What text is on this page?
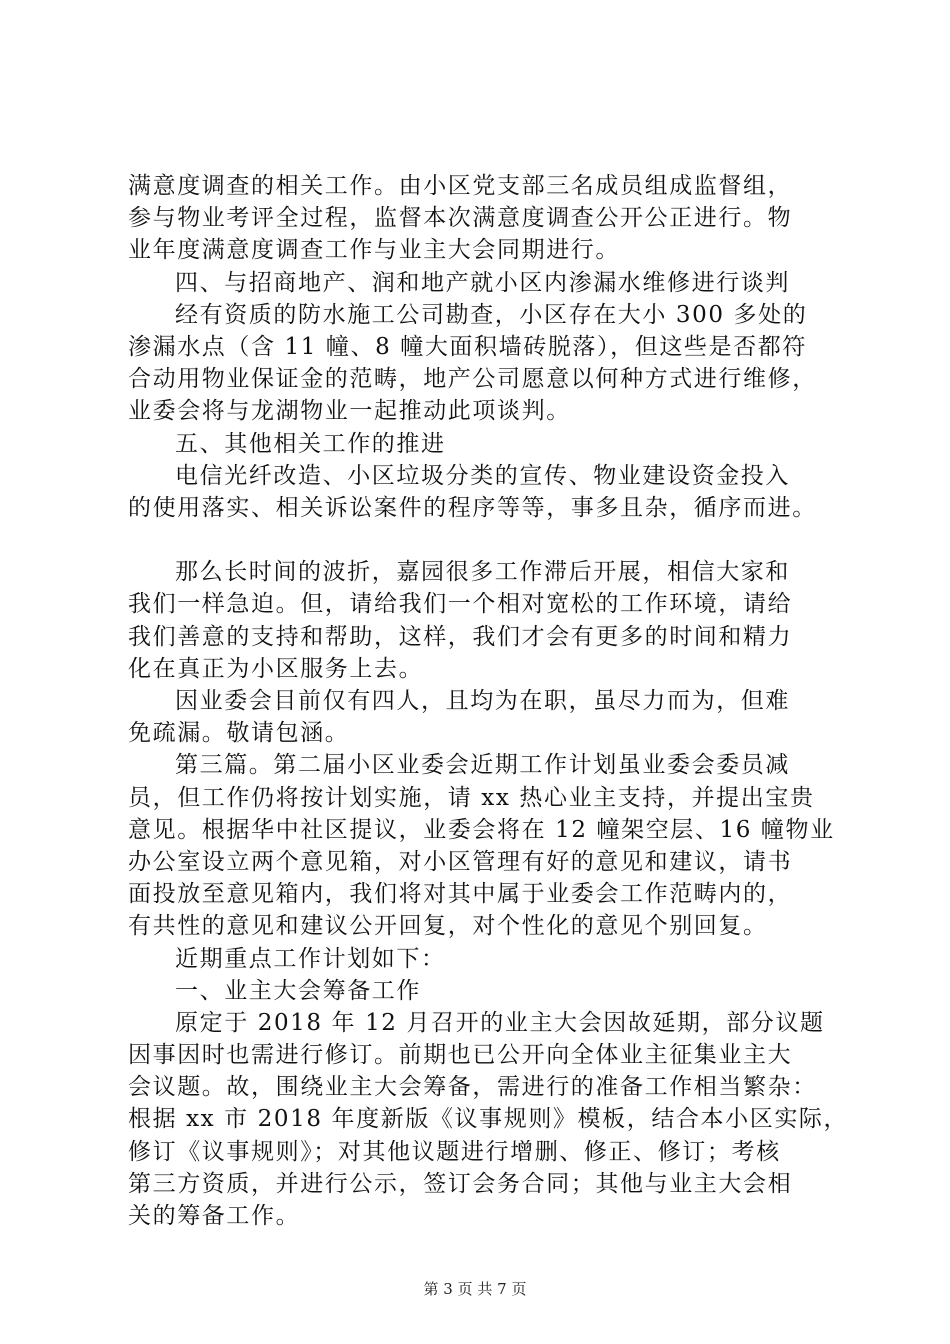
满意度调查的相关工作。由小区党支部三名成员组成监督组，
参与物业考评全过程，监督本次满意度调查公开公正进行。物
业年度满意度调查工作与业主大会同期进行。
四、与招商地产、润和地产就小区内渗漏水维修进行谈判
经有资质的防水施工公司勘查，小区存在大小 300 多处的
渗漏水点（含 11 幢、8 幢大面积墙砖脱落），但这些是否都符
合动用物业保证金的范畴，地产公司愿意以何种方式进行维修，
业委会将与龙湖物业一起推动此项谈判。
五、其他相关工作的推进
电信光纤改造、小区垃圾分类的宣传、物业建设资金投入
的使用落实、相关诉讼案件的程序等等，事多且杂，循序而进。
那么长时间的波折，嘉园很多工作滞后开展，相信大家和
我们一样急迫。但，请给我们一个相对宽松的工作环境，请给
我们善意的支持和帮助，这样，我们才会有更多的时间和精力
化在真正为小区服务上去。
因业委会目前仅有四人，且均为在职，虽尽力而为，但难
免疏漏。敬请包涵。
第三篇。第二届小区业委会近期工作计划虽业委会委员减
员，但工作仍将按计划实施，请 xx 热心业主支持，并提出宝贵
意见。根据华中社区提议，业委会将在 12 幢架空层、16 幢物业
办公室设立两个意见箱，对小区管理有好的意见和建议，请书
面投放至意见箱内，我们将对其中属于业委会工作范畴内的，
有共性的意见和建议公开回复，对个性化的意见个别回复。
近期重点工作计划如下：
一、业主大会筹备工作
原定于 2018 年 12 月召开的业主大会因故延期，部分议题
因事因时也需进行修订。前期也已公开向全体业主征集业主大
会议题。故，围绕业主大会筹备，需进行的准备工作相当繁杂：
根据 xx 市 2018 年度新版《议事规则》模板，结合本小区实际，
修订《议事规则》；对其他议题进行增删、修正、修订；考核
第三方资质，并进行公示，签订会务合同；其他与业主大会相
关的筹备工作。
第 3 页 共 7 页
